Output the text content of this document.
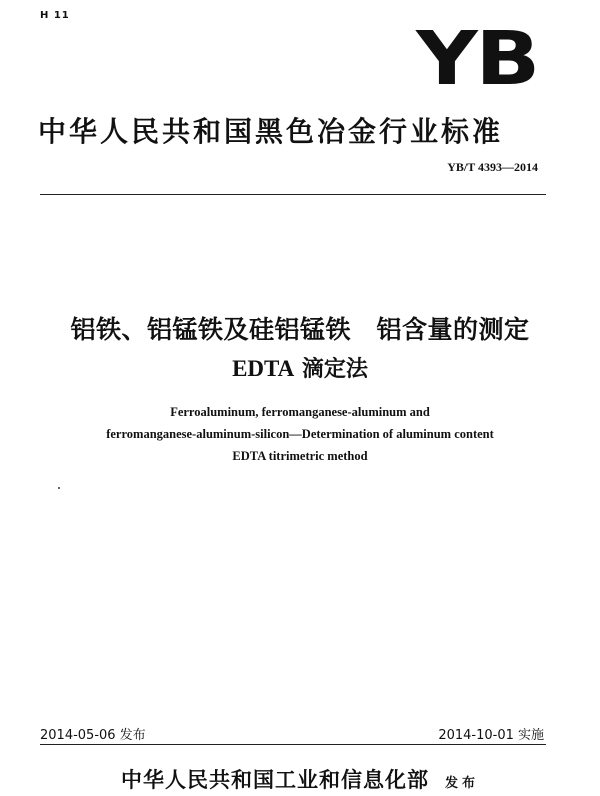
H 11
YB
中华人民共和国黑色冶金行业标准
YB/T 4393—2014
铝铁、铝锰铁及硅铝锰铁　铝含量的测定
EDTA 滴定法
Ferroaluminum, ferromanganese-aluminum and
ferromanganese-aluminum-silicon—Determination of aluminum content
EDTA titrimetric method
2014-05-06 发布	2014-10-01 实施
中华人民共和国工业和信息化部 发布
